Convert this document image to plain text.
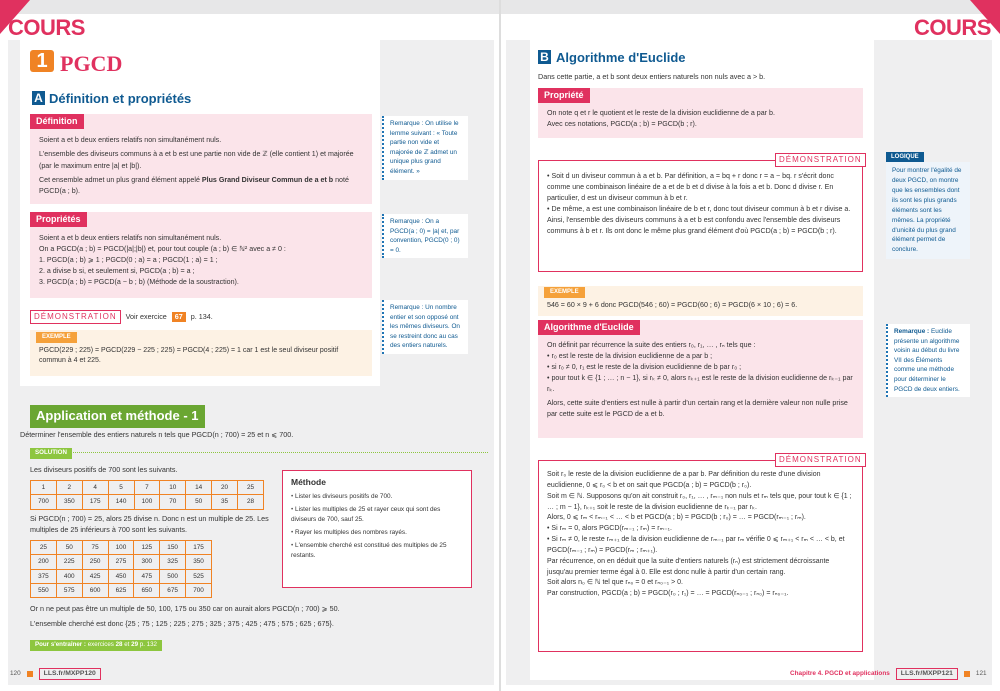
COURS	COURS
1 PGCD
A Définition et propriétés
Définition
Soient a et b deux entiers relatifs non simultanément nuls.
L'ensemble des diviseurs communs à a et b est une partie non vide de ℤ (elle contient 1) et majorée (par le maximum entre |a| et |b|).
Cet ensemble admet un plus grand élément appelé Plus Grand Diviseur Commun de a et b noté PGCD(a ; b).
Propriétés
Soient a et b deux entiers relatifs non simultanément nuls.
On a PGCD(a ; b) = PGCD(|a|;|b|) et, pour tout couple (a ; b) ∈ ℕ² avec a ≠ 0 :
1. PGCD(a ; b) ⩾ 1 ; PGCD(0 ; a) = a ; PGCD(1 ; a) = 1 ;
2. a divise b si, et seulement si, PGCD(a ; b) = a ;
3. PGCD(a ; b) = PGCD(a − b ; b) (Méthode de la soustraction).
DÉMONSTRATION	Voir exercice	67	p. 134.
EXEMPLE
PGCD(229 ; 225) = PGCD(229 − 225 ; 225) = PGCD(4 ; 225) = 1 car 1 est le seul diviseur positif commun à 4 et 225.
Remarque : On utilise le lemme suivant : « Toute partie non vide et majorée de ℤ admet un unique plus grand élément. »
Remarque : On a PGCD(a ; 0) = |a| et, par convention, PGCD(0 ; 0) = 0.
Remarque : Un nombre entier et son opposé ont les mêmes diviseurs. On se restreint donc au cas des entiers naturels.
Application et méthode - 1
Déterminer l'ensemble des entiers naturels n tels que PGCD(n ; 700) = 25 et n ⩽ 700.
SOLUTION
Les diviseurs positifs de 700 sont les suivants.
1	2	4	5	7	10	14	20	25
700	350	175	140	100	70	50	35	28
Si PGCD(n ; 700) = 25, alors 25 divise n. Donc n est un multiple de 25. Les multiples de 25 inférieurs à 700 sont les suivants.
25	50	75	100	125	150	175
200	225	250	275	300	325	350
375	400	425	450	475	500	525
550	575	600	625	650	675	700
Méthode
• Lister les diviseurs positifs de 700.
• Lister les multiples de 25 et rayer ceux qui sont des diviseurs de 700, sauf 25.
• Rayer les multiples des nombres rayés.
• L'ensemble cherché est constitué des multiples de 25 restants.
Or n ne peut pas être un multiple de 50, 100, 175 ou 350 car on aurait alors PGCD(n ; 700) ⩾ 50.
L'ensemble cherché est donc {25 ; 75 ; 125 ; 225 ; 275 ; 325 ; 375 ; 425 ; 475 ; 575 ; 625 ; 675}.
Pour s'entraîner : exercices 28 et 29 p. 132
120	LLS.fr/MXPP120
B Algorithme d'Euclide
Dans cette partie, a et b sont deux entiers naturels non nuls avec a > b.
Propriété
On note q et r le quotient et le reste de la division euclidienne de a par b.
Avec ces notations, PGCD(a ; b) = PGCD(b ; r).
• Soit d un diviseur commun à a et b. Par définition, a = bq + r donc r = a − bq. r s'écrit donc comme une combinaison linéaire de a et de b et d divise à la fois a et b. Donc d divise r. En particulier, d est un diviseur commun à b et r.
• De même, a est une combinaison linéaire de b et r, donc tout diviseur commun à b et r divise a.
Ainsi, l'ensemble des diviseurs communs à a et b est confondu avec l'ensemble des diviseurs communs à b et r. Ils ont donc le même plus grand élément d'où PGCD(a ; b) = PGCD(b ; r).
DÉMONSTRATION
EXEMPLE
546 = 60 × 9 + 6 donc PGCD(546 ; 60) = PGCD(60 ; 6) = PGCD(6 × 10 ; 6) = 6.
Algorithme d'Euclide
On définit par récurrence la suite des entiers r₀, r₁, … , rₙ tels que :
• r₀ est le reste de la division euclidienne de a par b ;
• si r₀ ≠ 0, r₁ est le reste de la division euclidienne de b par r₀ ;
• pour tout k ∈ {1 ; … ; n − 1}, si rₖ ≠ 0, alors rₖ₊₁ est le reste de la division euclidienne de rₖ₋₁ par rₖ.
Alors, cette suite d'entiers est nulle à partir d'un certain rang et la dernière valeur non nulle prise par cette suite est le PGCD de a et b.
Soit r₀ le reste de la division euclidienne de a par b. Par définition du reste d'une division euclidienne, 0 ⩽ r₀ < b et on sait que PGCD(a ; b) = PGCD(b ; r₀).
Soit m ∈ ℕ. Supposons qu'on ait construit r₀, r₁, … , rₘ₋₁ non nuls et rₘ tels que, pour tout k ∈ {1 ; … ; m − 1}, rₖ₊₁ soit le reste de la division euclidienne de rₖ₋₁ par rₖ.
Alors, 0 ⩽ rₘ < rₘ₋₁ < … < b et PGCD(a ; b) = PGCD(b ; r₀) = … = PGCD(rₘ₋₁ ; rₘ).
• Si rₘ = 0, alors PGCD(rₘ₋₁ ; rₘ) = rₘ₋₁.
• Si rₘ ≠ 0, le reste rₘ₊₁ de la division euclidienne de rₘ₋₁ par rₘ vérifie 0 ⩽ rₘ₊₁ < rₘ < … < b, et PGCD(rₘ₋₁ ; rₘ) = PGCD(rₘ ; rₘ₊₁).
Par récurrence, on en déduit que la suite d'entiers naturels (rₙ) est strictement décroissante jusqu'au premier terme égal à 0. Elle est donc nulle à partir d'un certain rang.
Soit alors n₀ ∈ ℕ tel que rₙ₀ = 0 et rₙ₀₋₁ > 0.
Par construction, PGCD(a ; b) = PGCD(r₀ ; r₁) = … = PGCD(rₙ₀₋₁ ; rₙ₀) = rₙ₀₋₁.
DÉMONSTRATION
LOGIQUE
Pour montrer l'égalité de deux PGCD, on montre que les ensembles dont ils sont les plus grands éléments sont les mêmes. La propriété d'unicité du plus grand élément permet de conclure.
Remarque : Euclide présente un algorithme voisin au début du livre VII des Éléments comme une méthode pour déterminer le PGCD de deux entiers.
Chapitre 4. PGCD et applications	LLS.fr/MXPP121	121
